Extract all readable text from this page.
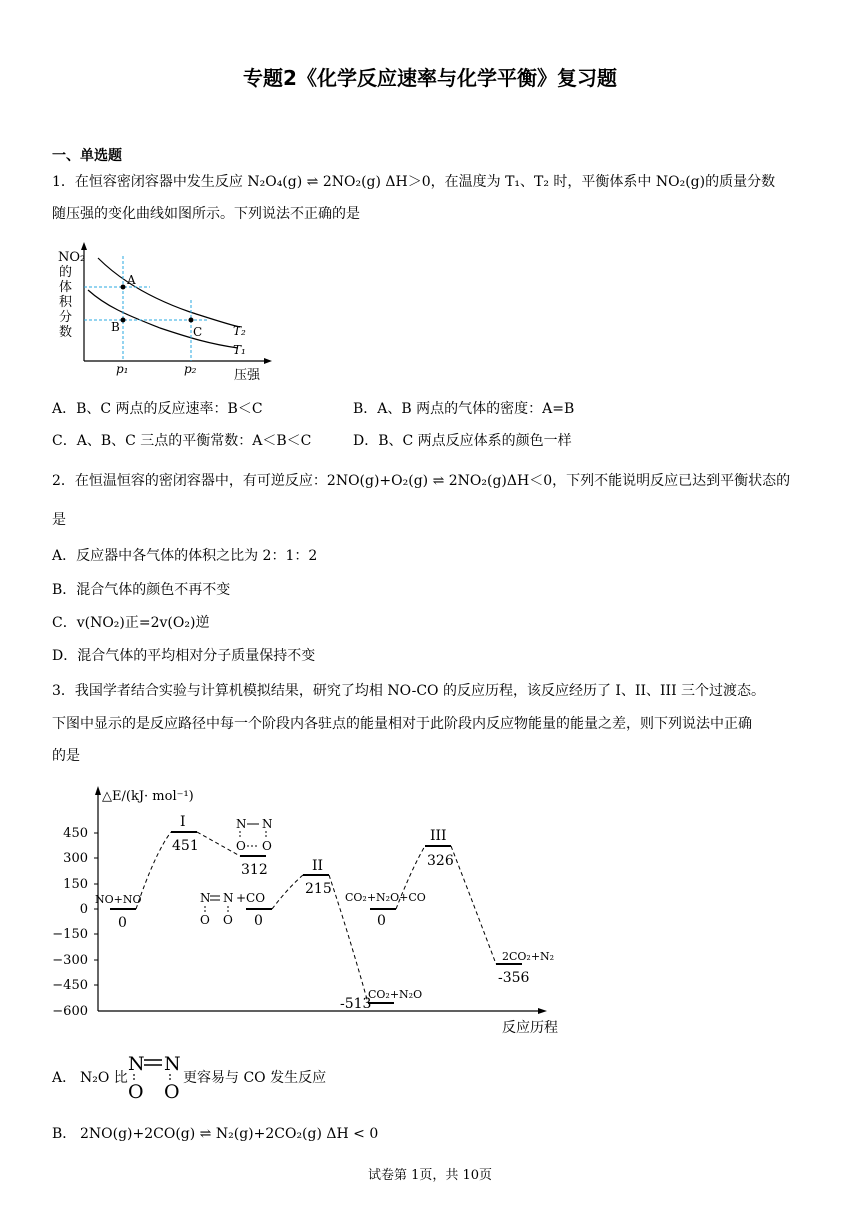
专题2《化学反应速率与化学平衡》复习题
一、单选题
1．在恒容密闭容器中发生反应 N₂O₄(g) ⇌ 2NO₂(g) ΔH＞0，在温度为 T₁、T₂ 时，平衡体系中 NO₂(g)的质量分数
随压强的变化曲线如图所示。下列说法不正确的是
NO₂
的
体
积
分
数
A
B	C	T₂
T₁
p₁	p₂	压强
A．B、C 两点的反应速率：B＜C	B．A、B 两点的气体的密度：A=B
C．A、B、C 三点的平衡常数：A＜B＜C	D．B、C 两点反应体系的颜色一样
2．在恒温恒容的密闭容器中，有可逆反应：2NO(g)+O₂(g) ⇌ 2NO₂(g)ΔH＜0，下列不能说明反应已达到平衡状态的
是
A．反应器中各气体的体积之比为 2：1：2
B．混合气体的颜色不再不变
C．v(NO₂)正=2v(O₂)逆
D．混合气体的平均相对分子质量保持不变
3．我国学者结合实验与计算机模拟结果，研究了均相 NO-CO 的反应历程，该反应经历了 I、II、III 三个过渡态。
下图中显示的是反应路径中每一个阶段内各驻点的能量相对于此阶段内反应物能量的能量之差，则下列说法中正确
的是
△E/(kJ· mol⁻¹)
反应历程
450
300
150
0
−150
−300
−450
−600
0
451
312
0
215
-513
0
326
-356
I
II
III
NO+NO	CO₂+N₂O+CO
CO₂+N₂O
2CO₂+N₂
N N
O O
N N +CO
O O
A． N₂O 比
N N
O O
更容易与 CO 发生反应
B． 2NO(g)+2CO(g) ⇌ N₂(g)+2CO₂(g) ΔH < 0
试卷第 1页，共 10页
